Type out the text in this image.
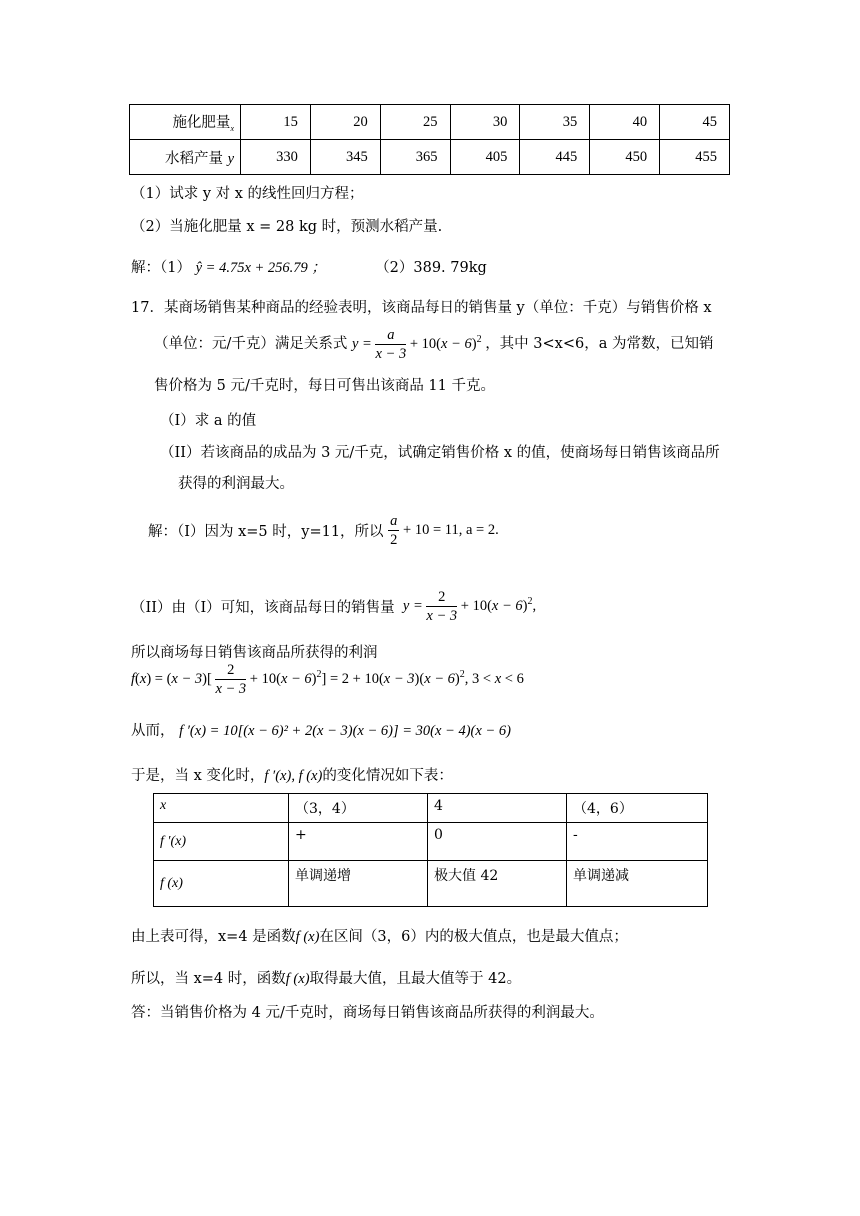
施化肥量$_x$	15	20	25	30	35	40	45
水稻产量 y	330	345	365	405	445	450	455
（1）试求 y 对 x 的线性回归方程；
（2）当施化肥量 x = 28 kg 时，预测水稻产量.
解：（1） ŷ = 4.75x + 256.79 ；	（2）389. 79kg
17．某商场销售某种商品的经验表明，该商品每日的销售量 y（单位：千克）与销售价格 x
（单位：元/千克）满足关系式 $y = \frac{a}{x - 3} + 10(x - 6)^2$ ，其中 3<x<6，a 为常数，已知销
售价格为 5 元/千克时，每日可售出该商品 11 千克。
（I）求 a 的值
（II）若该商品的成品为 3 元/千克，试确定销售价格 x 的值，使商场每日销售该商品所
获得的利润最大。
解：（I）因为 x=5 时，y=11，所以 $\frac{a}{2} + 10 = 11$, a = 2.
（II）由（I）可知，该商品每日的销售量  $y = \frac{2}{x - 3} + 10(x - 6)^2$,
所以商场每日销售该商品所获得的利润
$f(x) = (x - 3)[ \frac{2}{x - 3} + 10(x - 6)^2] = 2 + 10(x - 3)(x - 6)^2$, 3 < x < 6
从而， f ′(x) = 10[(x − 6)² + 2(x − 3)(x − 6)] = 30(x − 4)(x − 6)
于是，当 x 变化时，f ′(x), f (x)的变化情况如下表：
x	（3，4）	4	（4，6）
f ′(x)	+	0	-
f (x)	单调递增	极大值 42	单调递减
由上表可得，x=4 是函数f (x)在区间（3，6）内的极大值点，也是最大值点；
所以，当 x=4 时，函数f (x)取得最大值，且最大值等于 42。
答：当销售价格为 4 元/千克时，商场每日销售该商品所获得的利润最大。
